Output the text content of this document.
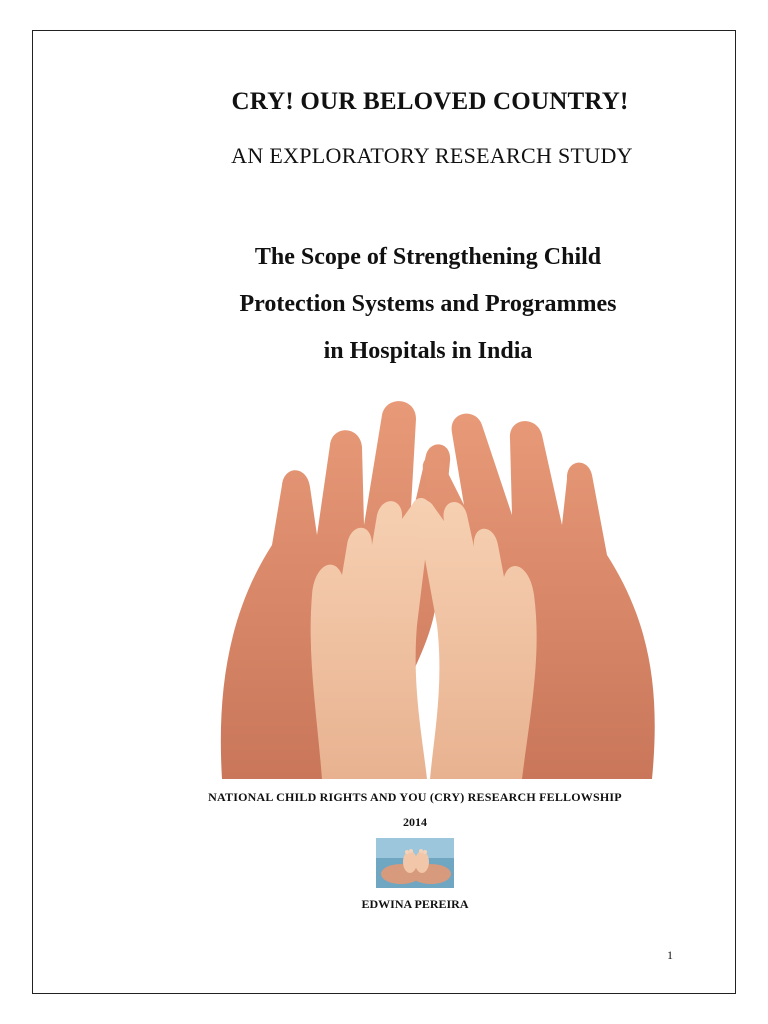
CRY! OUR BELOVED COUNTRY!
AN EXPLORATORY RESEARCH STUDY
The Scope of Strengthening Child
Protection Systems and Programmes
in Hospitals in India
NATIONAL CHILD RIGHTS AND YOU (CRY) RESEARCH FELLOWSHIP
2014
EDWINA PEREIRA
1
